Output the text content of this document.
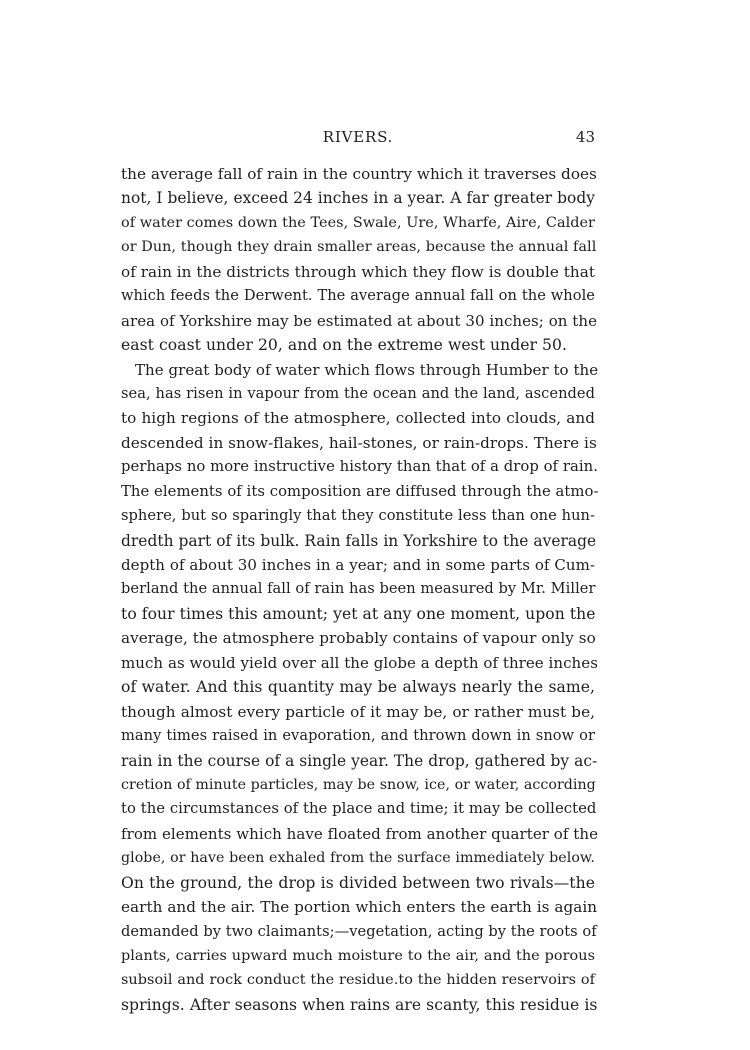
RIVERS.	43
the average fall of rain in the country which it traverses does
not, I believe, exceed 24 inches in a year. A far greater body
of water comes down the Tees, Swale, Ure, Wharfe, Aire, Calder
or Dun, though they drain smaller areas, because the annual fall
of rain in the districts through which they flow is double that
which feeds the Derwent. The average annual fall on the whole
area of Yorkshire may be estimated at about 30 inches; on the
east coast under 20, and on the extreme west under 50.
The great body of water which flows through Humber to the
sea, has risen in vapour from the ocean and the land, ascended
to high regions of the atmosphere, collected into clouds, and
descended in snow-flakes, hail-stones, or rain-drops. There is
perhaps no more instructive history than that of a drop of rain.
The elements of its composition are diffused through the atmo-
sphere, but so sparingly that they constitute less than one hun-
dredth part of its bulk. Rain falls in Yorkshire to the average
depth of about 30 inches in a year; and in some parts of Cum-
berland the annual fall of rain has been measured by Mr. Miller
to four times this amount; yet at any one moment, upon the
average, the atmosphere probably contains of vapour only so
much as would yield over all the globe a depth of three inches
of water. And this quantity may be always nearly the same,
though almost every particle of it may be, or rather must be,
many times raised in evaporation, and thrown down in snow or
rain in the course of a single year. The drop, gathered by ac-
cretion of minute particles, may be snow, ice, or water, according
to the circumstances of the place and time; it may be collected
from elements which have floated from another quarter of the
globe, or have been exhaled from the surface immediately below.
On the ground, the drop is divided between two rivals—the
earth and the air. The portion which enters the earth is again
demanded by two claimants;—vegetation, acting by the roots of
plants, carries upward much moisture to the air, and the porous
subsoil and rock conduct the residue.to the hidden reservoirs of
springs. After seasons when rains are scanty, this residue is
